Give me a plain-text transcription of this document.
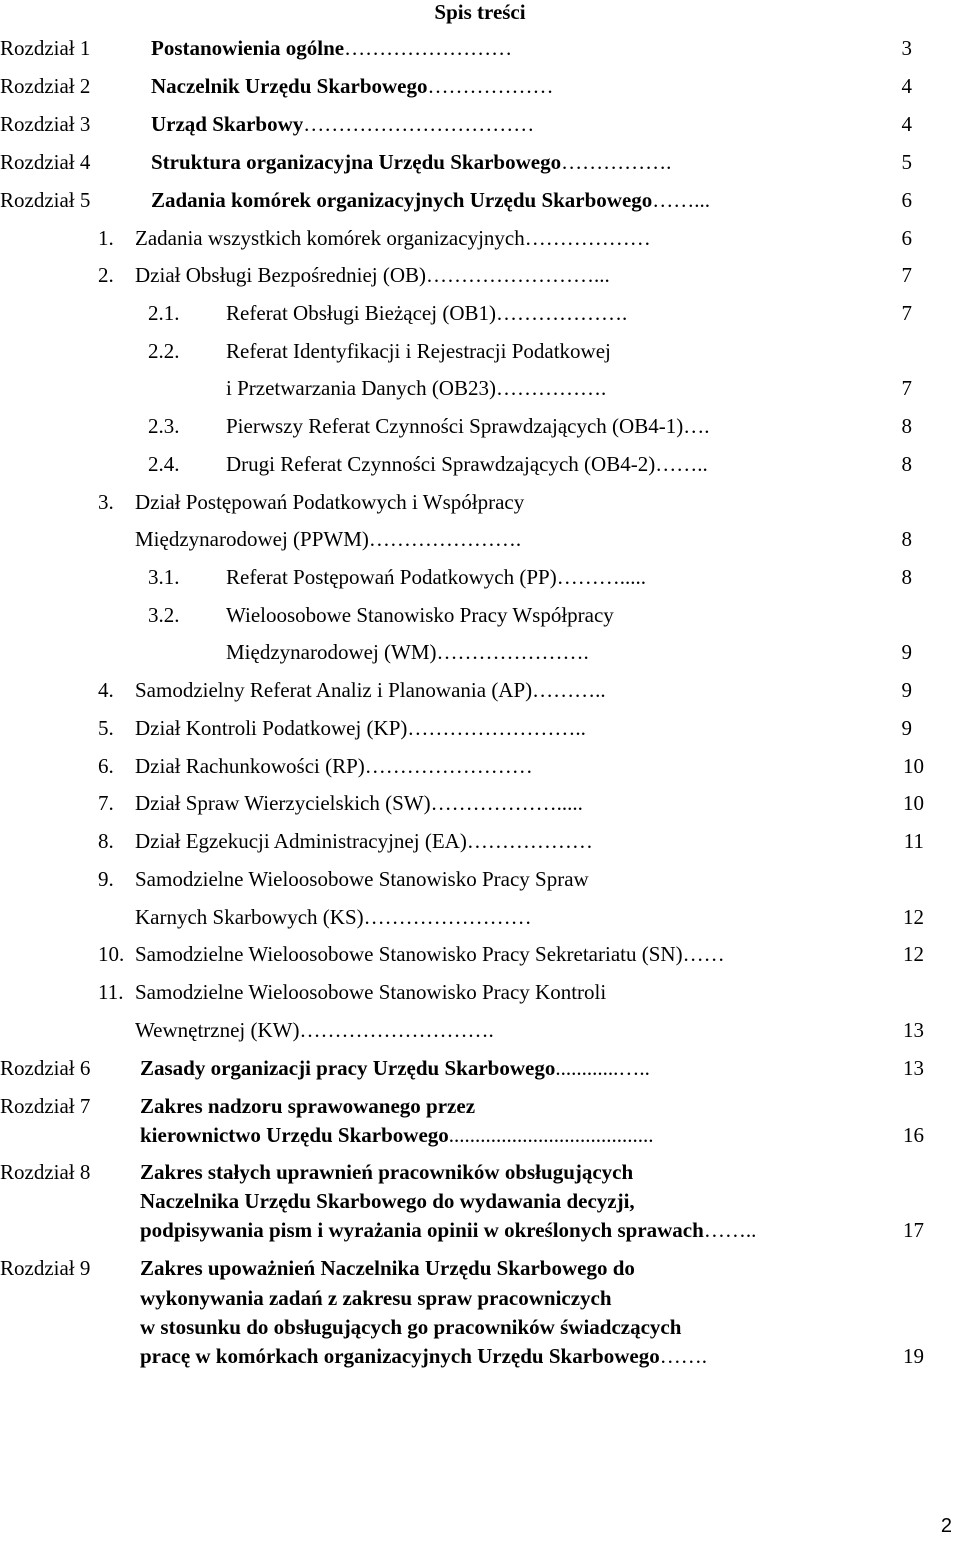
Spis treści
Rozdział 1	Postanowienia ogólne……………………	3
Rozdział 2	Naczelnik Urzędu Skarbowego………………	4
Rozdział 3	Urząd Skarbowy……………………………	4
Rozdział 4	Struktura organizacyjna Urzędu Skarbowego…………….	5
Rozdział 5	Zadania komórek organizacyjnych Urzędu Skarbowego……...	6
1. Zadania wszystkich komórek organizacyjnych………………	6
2. Dział Obsługi Bezpośredniej (OB)……………………...	7
2.1. Referat Obsługi Bieżącej (OB1)……………….	7
2.2. Referat Identyfikacji i Rejestracji Podatkowej
i Przetwarzania Danych (OB23)…………….	7
2.3. Pierwszy Referat Czynności Sprawdzających (OB4-1)….	8
2.4. Drugi Referat Czynności Sprawdzających (OB4-2)……..	8
3. Dział Postępowań Podatkowych i Współpracy
Międzynarodowej (PPWM)………………….	8
3.1. Referat Postępowań Podatkowych (PP)……….....	8
3.2. Wieloosobowe Stanowisko Pracy Współpracy
Międzynarodowej (WM)………………….	9
4. Samodzielny Referat Analiz i Planowania (AP)………..	9
5. Dział Kontroli Podatkowej (KP)……………………..	9
6. Dział Rachunkowości (RP)……………………	10
7. Dział Spraw Wierzycielskich (SW)……………….....	10
8. Dział Egzekucji Administracyjnej (EA)………………	11
9. Samodzielne Wieloosobowe Stanowisko Pracy Spraw
Karnych Skarbowych (KS)……………………	12
10. Samodzielne Wieloosobowe Stanowisko Pracy Sekretariatu (SN)……	12
11. Samodzielne Wieloosobowe Stanowisko Pracy Kontroli
Wewnętrznej (KW)……………………….	13
Rozdział 6 Zasady organizacji pracy Urzędu Skarbowego............…..	13
Rozdział 7 Zakres nadzoru sprawowanego przez
kierownictwo Urzędu Skarbowego.......................................	16
Rozdział 8 Zakres stałych uprawnień pracowników obsługujących
Naczelnika Urzędu Skarbowego do wydawania decyzji,
podpisywania pism i wyrażania opinii w określonych sprawach……..	17
Rozdział 9 Zakres upoważnień Naczelnika Urzędu Skarbowego do
wykonywania zadań z zakresu spraw pracowniczych
w stosunku do obsługujących go pracowników świadczących
pracę w komórkach organizacyjnych Urzędu Skarbowego…….	19
2
